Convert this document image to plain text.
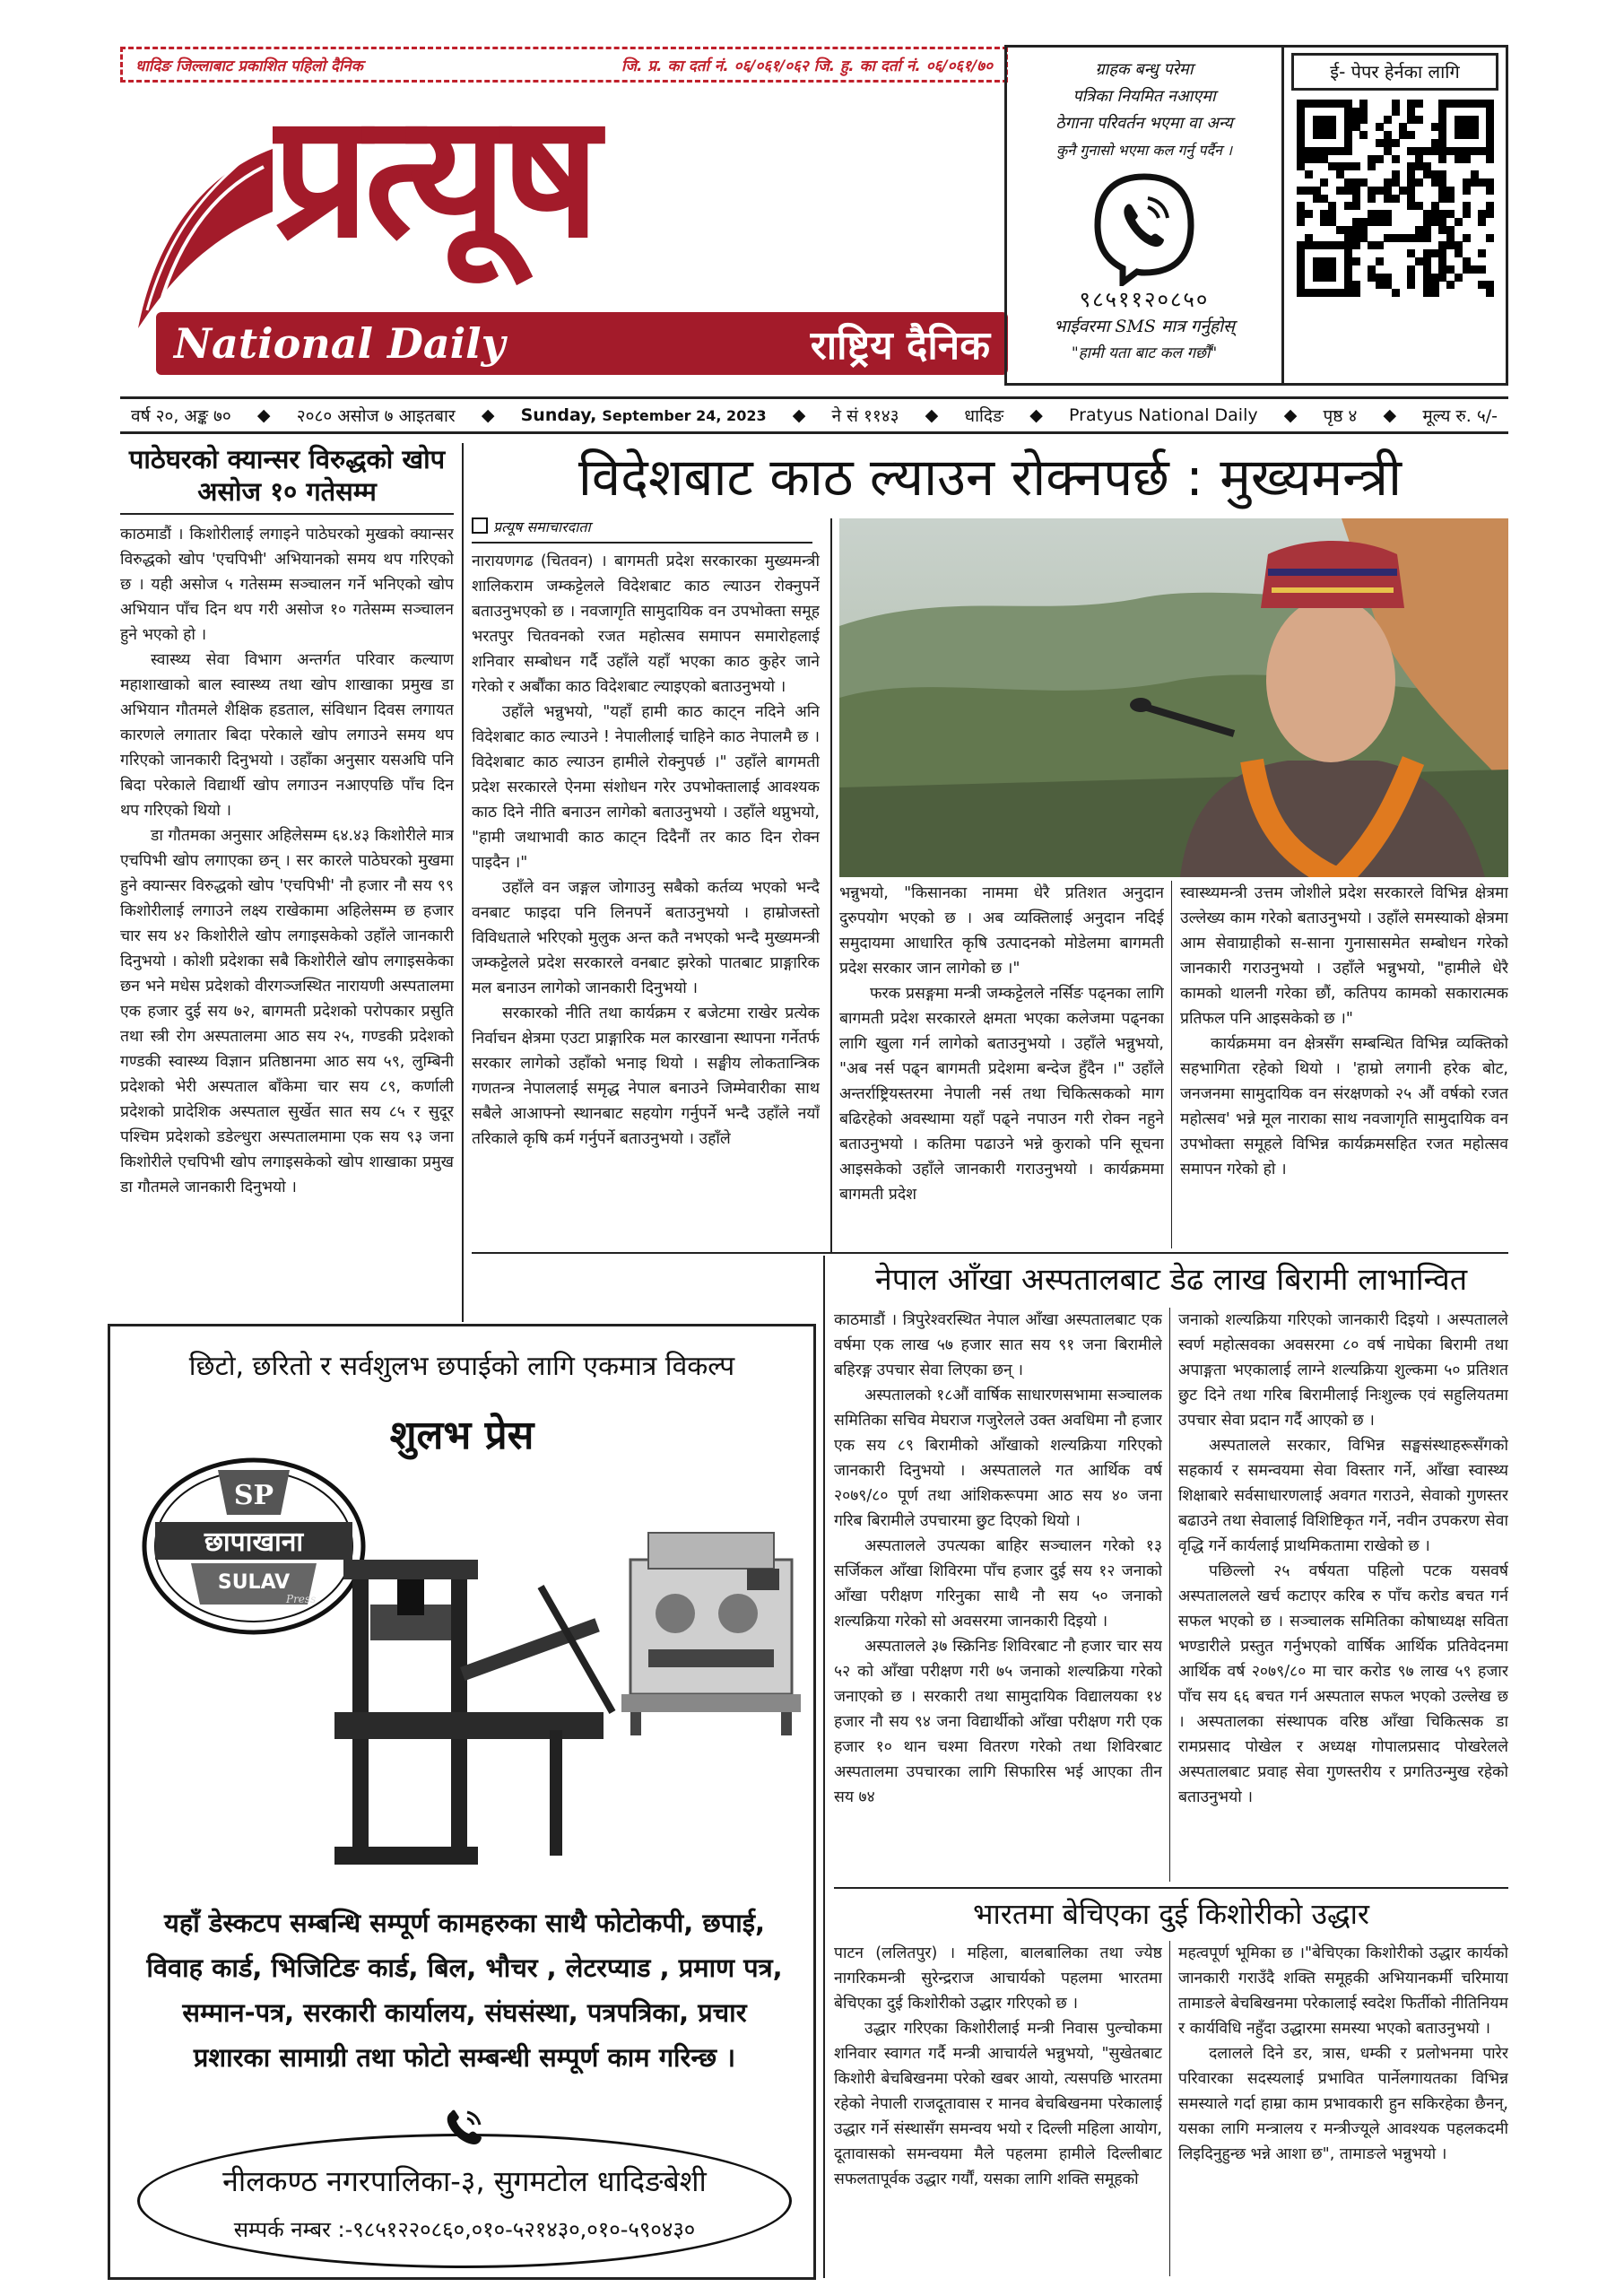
धादिङ जिल्लाबाट प्रकाशित पहिलो दैनिक	जि. प्र. का दर्ता नं. ०६/०६१/०६२ जि. हु. का दर्ता नं. ०६/०६१/७०
प्रत्यूष
National Daily	राष्ट्रिय दैनिक
ग्राहक बन्धु परेमा
पत्रिका नियमित नआएमा
ठेगाना परिवर्तन भएमा वा अन्य
कुनै गुनासो भएमा कल गर्नु पर्दैन ।
९८५११२०८५०
भाईवरमा SMS मात्र गर्नुहोस्
"हामी यता बाट कल गर्छौं"
ई- पेपर हेर्नका लागि
वर्ष २०, अङ्क ७० ◆ २०८० असोज ७ आइतबार ◆ Sunday, September 24, 2023 ◆ ने सं ११४३ ◆ धादिङ ◆ Pratyus National Daily ◆ पृष्ठ ४ ◆ मूल्य रु. ५/-
पाठेघरको क्यान्सर विरुद्धको खोप असोज १० गतेसम्म

काठमाडौं । किशोरीलाई लगाइने पाठेघरको मुखको क्यान्सर विरुद्धको खोप 'एचपिभी' अभियानको समय थप गरिएको छ । यही असोज ५ गतेसम्म सञ्चालन गर्ने भनिएको खोप अभियान पाँच दिन थप गरी असोज १० गतेसम्म सञ्चालन हुने भएको हो ।

स्वास्थ्य सेवा विभाग अन्तर्गत परिवार कल्याण महाशाखाको बाल स्वास्थ्य तथा खोप शाखाका प्रमुख डा अभियान गौतमले शैक्षिक हडताल, संविधान दिवस लगायत कारणले लगातार बिदा परेकाले खोप लगाउने समय थप गरिएको जानकारी दिनुभयो । उहाँका अनुसार यसअघि पनि बिदा परेकाले विद्यार्थी खोप लगाउन नआएपछि पाँच दिन थप गरिएको थियो ।

डा गौतमका अनुसार अहिलेसम्म ६४.४३ किशोरीले मात्र एचपिभी खोप लगाएका छन् । सर कारले पाठेघरको मुखमा हुने क्यान्सर विरुद्धको खोप 'एचपिभी' नौ हजार नौ सय ९९ किशोरीलाई लगाउने लक्ष्य राखेकामा अहिलेसम्म छ हजार चार सय ४२ किशोरीले खोप लगाइसकेको उहाँले जानकारी दिनुभयो । कोशी प्रदेशका सबै किशोरीले खोप लगाइसकेका छन भने मधेस प्रदेशको वीरगञ्जस्थित नारायणी अस्पतालमा एक हजार दुई सय ७२, बागमती प्रदेशको परोपकार प्रसुति तथा स्त्री रोग अस्पतालमा आठ सय २५, गण्डकी प्रदेशको गण्डकी स्वास्थ्य विज्ञान प्रतिष्ठानमा आठ सय ५९, लुम्बिनी प्रदेशको भेरी अस्पताल बाँकेमा चार सय ८९, कर्णाली प्रदेशको प्रादेशिक अस्पताल सुर्खेत सात सय ८५ र सुदूर पश्चिम प्रदेशको डडेल्धुरा अस्पतालमामा एक सय ९३ जना किशोरीले एचपिभी खोप लगाइसकेको खोप शाखाका प्रमुख डा गौतमले जानकारी दिनुभयो ।

विदेशबाट काठ ल्याउन रोक्नपर्छ : मुख्यमन्त्री
प्रत्यूष समाचारदाता

नारायणगढ (चितवन) । बागमती प्रदेश सरकारका मुख्यमन्त्री शालिकराम जम्कट्टेलले विदेशबाट काठ ल्याउन रोक्नुपर्ने बताउनुभएको छ । नवजागृति सामुदायिक वन उपभोक्ता समूह भरतपुर चितवनको रजत महोत्सव समापन समारोहलाई शनिवार सम्बोधन गर्दै उहाँले यहाँ भएका काठ कुहेर जाने गरेको र अर्बौंका काठ विदेशबाट ल्याइएको बताउनुभयो ।

उहाँले भन्नुभयो, "यहाँ हामी काठ काट्न नदिने अनि विदेशबाट काठ ल्याउने ! नेपालीलाई चाहिने काठ नेपालमै छ । विदेशबाट काठ ल्याउन हामीले रोक्नुपर्छ ।" उहाँले बागमती प्रदेश सरकारले ऐनमा संशोधन गरेर उपभोक्तालाई आवश्यक काठ दिने नीति बनाउन लागेको बताउनुभयो । उहाँले थप्नुभयो, "हामी जथाभावी काठ काट्न दिदैनौं तर काठ दिन रोक्न पाइदैन ।"

उहाँले वन जङ्गल जोगाउनु सबैको कर्तव्य भएको भन्दै वनबाट फाइदा पनि लिनपर्ने बताउनुभयो । हाम्रोजस्तो विविधताले भरिएको मुलुक अन्त कतै नभएको भन्दै मुख्यमन्त्री जम्कट्टेलले प्रदेश सरकारले वनबाट झरेको पातबाट प्राङ्गारिक मल बनाउन लागेको जानकारी दिनुभयो ।

सरकारको नीति तथा कार्यक्रम र बजेटमा राखेर प्रत्येक निर्वाचन क्षेत्रमा एउटा प्राङ्गारिक मल कारखाना स्थापना गर्नेतर्फ सरकार लागेको उहाँको भनाइ थियो । सङ्घीय लोकतान्त्रिक गणतन्त्र नेपाललाई समृद्ध नेपाल बनाउने जिम्मेवारीका साथ सबैले आआफ्नो स्थानबाट सहयोग गर्नुपर्ने भन्दै उहाँले नयाँ तरिकाले कृषि कर्म गर्नुपर्ने बताउनुभयो । उहाँले

भन्नुभयो, "किसानका नाममा धेरै प्रतिशत अनुदान दुरुपयोग भएको छ । अब व्यक्तिलाई अनुदान नदिई समुदायमा आधारित कृषि उत्पादनको मोडेलमा बागमती प्रदेश सरकार जान लागेको छ ।"

फरक प्रसङ्गमा मन्त्री जम्कट्टेलले नर्सिङ पढ्नका लागि बागमती प्रदेश सरकारले क्षमता भएका कलेजमा पढ्नका लागि खुला गर्न लागेको बताउनुभयो । उहाँले भन्नुभयो, "अब नर्स पढ्न बागमती प्रदेशमा बन्देज हुँदैन ।" उहाँले अन्तर्राष्ट्रियस्तरमा नेपाली नर्स तथा चिकित्सकको माग बढिरहेको अवस्थामा यहाँ पढ्ने नपाउन गरी रोक्न नहुने बताउनुभयो । कतिमा पढाउने भन्ने कुराको पनि सूचना आइसकेको उहाँले जानकारी गराउनुभयो । कार्यक्रममा बागमती प्रदेश

स्वास्थ्यमन्त्री उत्तम जोशीले प्रदेश सरकारले विभिन्न क्षेत्रमा उल्लेख्य काम गरेको बताउनुभयो । उहाँले समस्याको क्षेत्रमा आम सेवाग्राहीको स-साना गुनासासमेत सम्बोधन गरेको जानकारी गराउनुभयो । उहाँले भन्नुभयो, "हामीले धेरै कामको थालनी गरेका छौं, कतिपय कामको सकारात्मक प्रतिफल पनि आइसकेको छ ।"

कार्यक्रममा वन क्षेत्रसँग सम्बन्धित विभिन्न व्यक्तिको सहभागिता रहेको थियो । 'हाम्रो लगानी हरेक बोट, जनजनमा सामुदायिक वन संरक्षणको २५ औं वर्षको रजत महोत्सव' भन्ने मूल नाराका साथ नवजागृति सामुदायिक वन उपभोक्ता समूहले विभिन्न कार्यक्रमसहित रजत महोत्सव समापन गरेको हो ।

नेपाल आँखा अस्पतालबाट डेढ लाख बिरामी लाभान्वित

काठमाडौं । त्रिपुरेश्वरस्थित नेपाल आँखा अस्पतालबाट एक वर्षमा एक लाख ५७ हजार सात सय ९१ जना बिरामीले बहिरङ्ग उपचार सेवा लिएका छन् ।

अस्पतालको १८औं वार्षिक साधारणसभामा सञ्चालक समितिका सचिव मेघराज गजुरेलले उक्त अवधिमा नौ हजार एक सय ८९ बिरामीको आँखाको शल्यक्रिया गरिएको जानकारी दिनुभयो । अस्पतालले गत आर्थिक वर्ष २०७९/८० पूर्ण तथा आंशिकरूपमा आठ सय ४० जना गरिब बिरामीले उपचारमा छुट दिएको थियो ।

अस्पतालले उपत्यका बाहिर सञ्चालन गरेको १३ सर्जिकल आँखा शिविरमा पाँच हजार दुई सय १२ जनाको आँखा परीक्षण गरिनुका साथै नौ सय ५० जनाको शल्यक्रिया गरेको सो अवसरमा जानकारी दिइयो ।

अस्पतालले ३७ स्क्रिनिङ शिविरबाट नौ हजार चार सय ५२ को आँखा परीक्षण गरी ७५ जनाको शल्यक्रिया गरेको जनाएको छ । सरकारी तथा सामुदायिक विद्यालयका १४ हजार नौ सय ९४ जना विद्यार्थीको आँखा परीक्षण गरी एक हजार १० थान चश्मा वितरण गरेको तथा शिविरबाट अस्पतालमा उपचारका लागि सिफारिस भई आएका तीन सय ७४

जनाको शल्यक्रिया गरिएको जानकारी दिइयो । अस्पतालले स्वर्ण महोत्सवका अवसरमा ८० वर्ष नाघेका बिरामी तथा अपाङ्गता भएकालाई लाग्ने शल्यक्रिया शुल्कमा ५० प्रतिशत छुट दिने तथा गरिब बिरामीलाई निःशुल्क एवं सहुलियतमा उपचार सेवा प्रदान गर्दै आएको छ ।

अस्पतालले सरकार, विभिन्न सङ्घसंस्थाहरूसँगको सहकार्य र समन्वयमा सेवा विस्तार गर्ने, आँखा स्वास्थ्य शिक्षाबारे सर्वसाधारणलाई अवगत गराउने, सेवाको गुणस्तर बढाउने तथा सेवालाई विशिष्टिकृत गर्ने, नवीन उपकरण सेवा वृद्धि गर्ने कार्यलाई प्राथमिकतामा राखेको छ ।

पछिल्लो २५ वर्षयता पहिलो पटक यसवर्ष अस्पताललले खर्च कटाएर करिब रु पाँच करोड बचत गर्न सफल भएको छ । सञ्चालक समितिका कोषाध्यक्ष सविता भण्डारीले प्रस्तुत गर्नुभएको वार्षिक आर्थिक प्रतिवेदनमा आर्थिक वर्ष २०७९/८० मा चार करोड ९७ लाख ५९ हजार पाँच सय ६६ बचत गर्न अस्पताल सफल भएको उल्लेख छ । अस्पतालका संस्थापक वरिष्ठ आँखा चिकित्सक डा रामप्रसाद पोखेल र अध्यक्ष गोपालप्रसाद पोखरेलले अस्पतालबाट प्रवाह सेवा गुणस्तरीय र प्रगतिउन्मुख रहेको बताउनुभयो ।

भारतमा बेचिएका दुई किशोरीको उद्धार

पाटन (ललितपुर) । महिला, बालबालिका तथा ज्येष्ठ नागरिकमन्त्री सुरेन्द्रराज आचार्यको पहलमा भारतमा बेचिएका दुई किशोरीको उद्धार गरिएको छ ।

उद्धार गरिएका किशोरीलाई मन्त्री निवास पुल्चोकमा शनिवार स्वागत गर्दै मन्त्री आचार्यले भन्नुभयो, "सुखेतबाट किशोरी बेचबिखनमा परेको खबर आयो, त्यसपछि भारतमा रहेको नेपाली राजदूतावास र मानव बेचबिखनमा परेकालाई उद्धार गर्ने संस्थासँग समन्वय भयो र दिल्ली महिला आयोग, दूतावासको समन्वयमा मैले पहलमा हामीले दिल्लीबाट सफलतापूर्वक उद्धार गर्यौं, यसका लागि शक्ति समूहको

महत्वपूर्ण भूमिका छ ।"बेचिएका किशोरीको उद्धार कार्यको जानकारी गराउँदै शक्ति समूहकी अभियानकर्मी चरिमाया तामाङले बेचबिखनमा परेकालाई स्वदेश फिर्तीको नीतिनियम र कार्यविधि नहुँदा उद्धारमा समस्या भएको बताउनुभयो ।

दलालले दिने डर, त्रास, धम्की र प्रलोभनमा पारेर परिवारका सदस्यलाई प्रभावित पार्नेलगायतका विभिन्न समस्याले गर्दा हाम्रा काम प्रभावकारी हुन सकिरहेका छैनन्, यसका लागि मन्त्रालय र मन्त्रीज्यूले आवश्यक पहलकदमी लिइदिनुहुन्छ भन्ने आशा छ", तामाङले भन्नुभयो ।

छिटो, छरितो र सर्वशुलभ छपाईको लागि एकमात्र विकल्प
शुलभ प्रेस
SP
छापाखाना
SULAV
Press
यहाँ डेस्कटप सम्बन्धि सम्पूर्ण कामहरुका साथै फोटोकपी, छपाई, विवाह कार्ड, भिजिटिङ कार्ड, बिल, भौचर , लेटरप्याड , प्रमाण पत्र, सम्मान-पत्र, सरकारी कार्यालय, संघसंस्था, पत्रपत्रिका, प्रचार प्रशारका सामाग्री तथा फोटो सम्बन्धी सम्पूर्ण काम गरिन्छ ।
नीलकण्ठ नगरपालिका-३, सुगमटोल धादिङबेशी
सम्पर्क नम्बर :-९८५१२२०८६०,०१०-५२१४३०,०१०-५९०४३०
